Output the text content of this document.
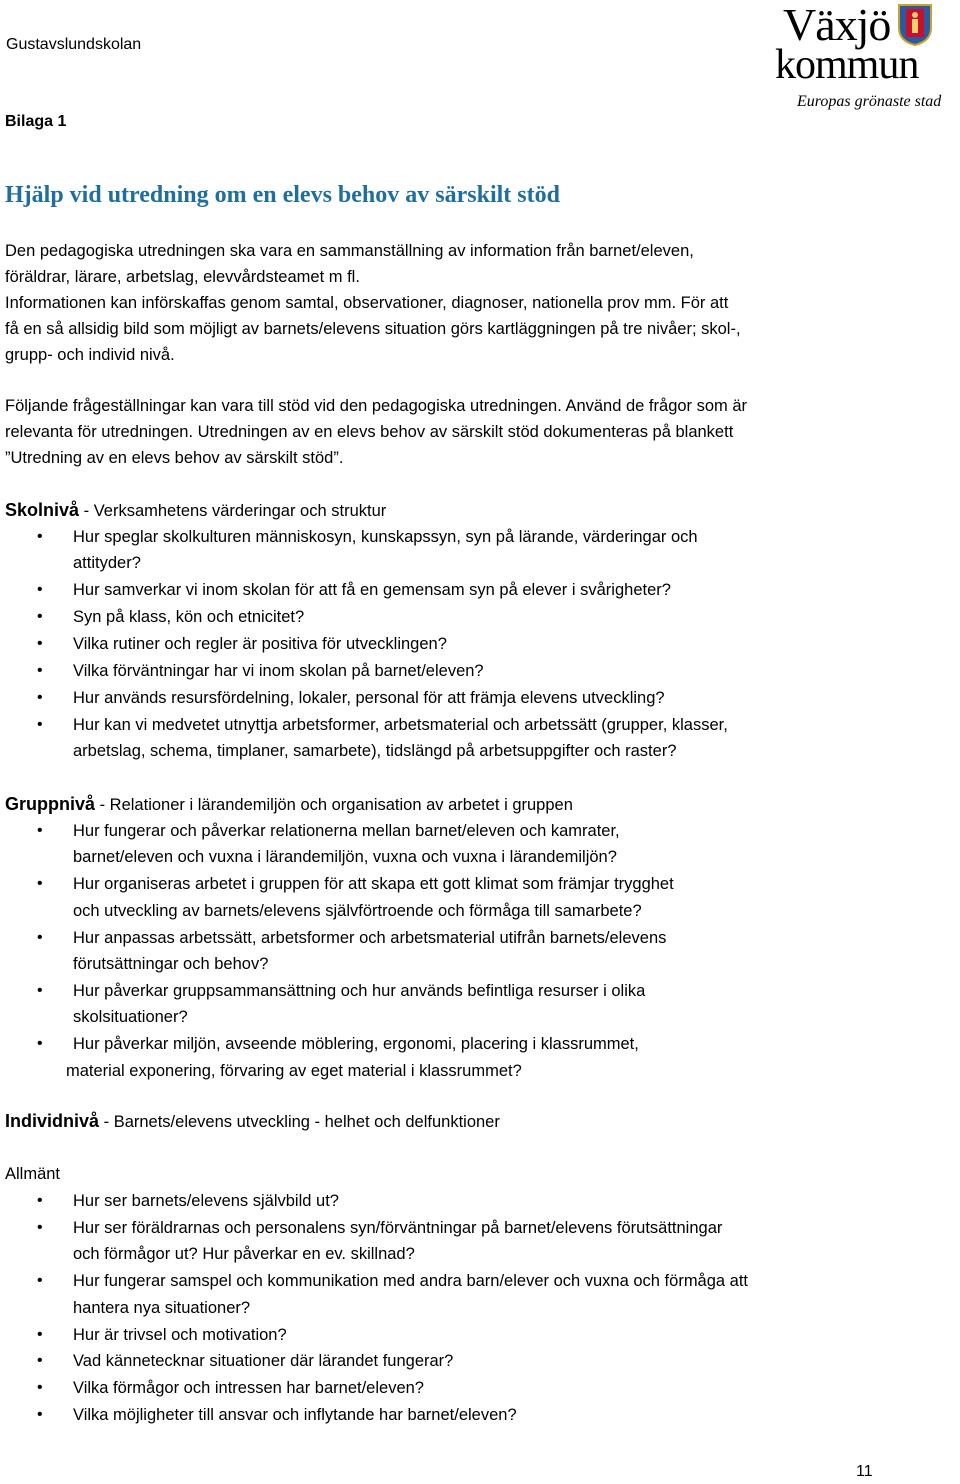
Gustavslundskolan
Bilaga 1
Växjö
kommun
Europas grönaste stad
Hjälp vid utredning om en elevs behov av särskilt stöd
Den pedagogiska utredningen ska vara en sammanställning av information från barnet/eleven,
föräldrar, lärare, arbetslag, elevvårdsteamet m fl.
Informationen kan införskaffas genom samtal, observationer, diagnoser, nationella prov mm. För att
få en så allsidig bild som möjligt av barnets/elevens situation görs kartläggningen på tre nivåer; skol-,
grupp- och individ nivå.
Följande frågeställningar kan vara till stöd vid den pedagogiska utredningen. Använd de frågor som är
relevanta för utredningen. Utredningen av en elevs behov av särskilt stöd dokumenteras på blankett
”Utredning av en elevs behov av särskilt stöd”.
Skolnivå - Verksamhetens värderingar och struktur
• Hur speglar skolkulturen människosyn, kunskapssyn, syn på lärande, värderingar och
attityder?
• Hur samverkar vi inom skolan för att få en gemensam syn på elever i svårigheter?
• Syn på klass, kön och etnicitet?
• Vilka rutiner och regler är positiva för utvecklingen?
• Vilka förväntningar har vi inom skolan på barnet/eleven?
• Hur används resursfördelning, lokaler, personal för att främja elevens utveckling?
• Hur kan vi medvetet utnyttja arbetsformer, arbetsmaterial och arbetssätt (grupper, klasser,
arbetslag, schema, timplaner, samarbete), tidslängd på arbetsuppgifter och raster?
Gruppnivå - Relationer i lärandemiljön och organisation av arbetet i gruppen
• Hur fungerar och påverkar relationerna mellan barnet/eleven och kamrater,
barnet/eleven och vuxna i lärandemiljön, vuxna och vuxna i lärandemiljön?
• Hur organiseras arbetet i gruppen för att skapa ett gott klimat som främjar trygghet
och utveckling av barnets/elevens självförtroende och förmåga till samarbete?
• Hur anpassas arbetssätt, arbetsformer och arbetsmaterial utifrån barnets/elevens
förutsättningar och behov?
• Hur påverkar gruppsammansättning och hur används befintliga resurser i olika
skolsituationer?
• Hur påverkar miljön, avseende möblering, ergonomi, placering i klassrummet,
material exponering, förvaring av eget material i klassrummet?
Individnivå - Barnets/elevens utveckling - helhet och delfunktioner
Allmänt
• Hur ser barnets/elevens självbild ut?
• Hur ser föräldrarnas och personalens syn/förväntningar på barnet/elevens förutsättningar
och förmågor ut? Hur påverkar en ev. skillnad?
• Hur fungerar samspel och kommunikation med andra barn/elever och vuxna och förmåga att
hantera nya situationer?
• Hur är trivsel och motivation?
• Vad kännetecknar situationer där lärandet fungerar?
• Vilka förmågor och intressen har barnet/eleven?
• Vilka möjligheter till ansvar och inflytande har barnet/eleven?
11
